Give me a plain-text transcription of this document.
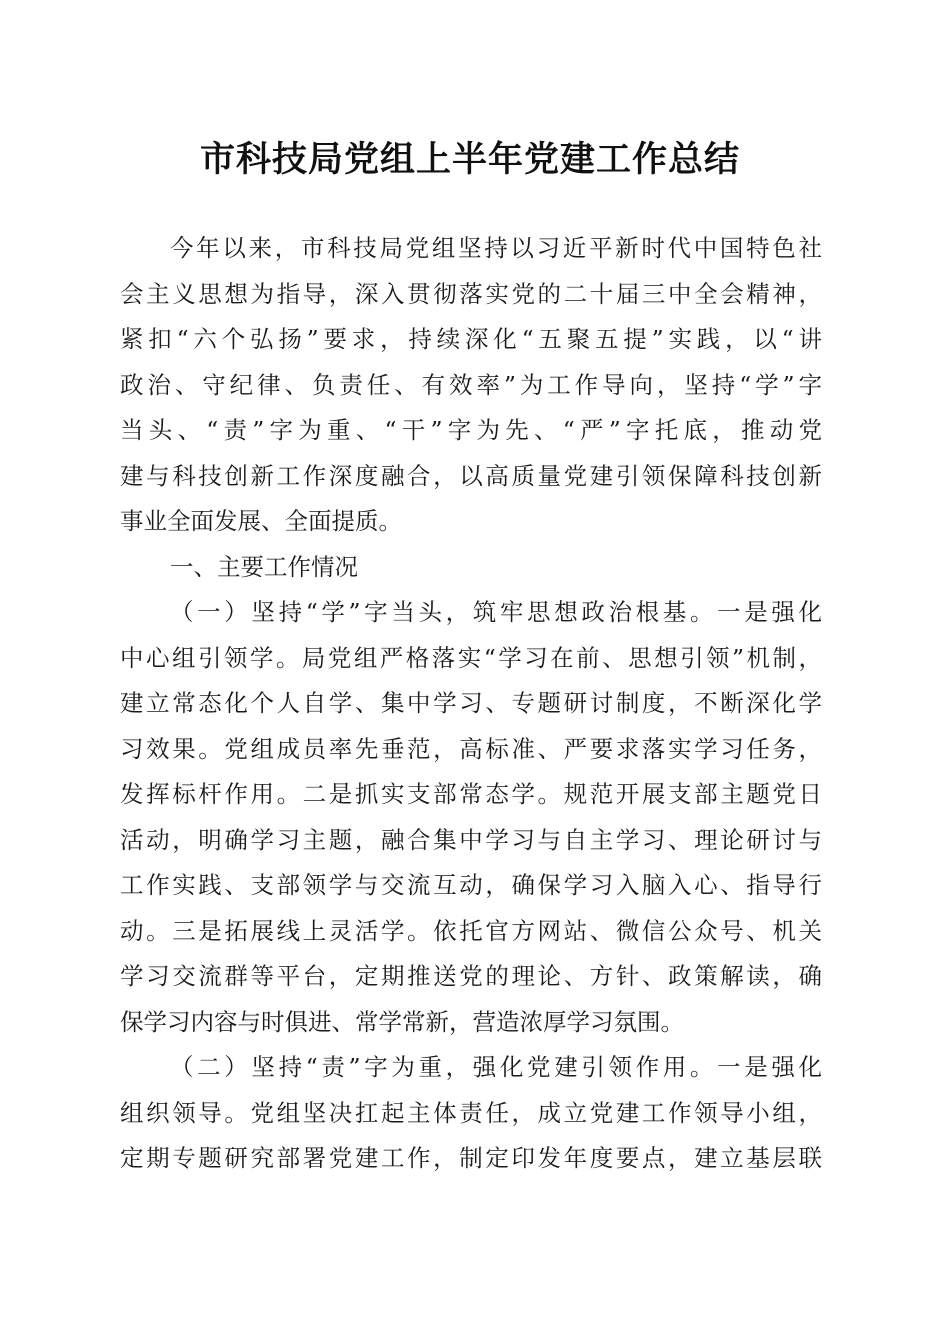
市科技局党组上半年党建工作总结
今年以来，市科技局党组坚持以习近平新时代中国特色社
会主义思想为指导，深入贯彻落实党的二十届三中全会精神，
紧扣“六个弘扬”要求，持续深化“五聚五提”实践，以“讲
政治、守纪律、负责任、有效率”为工作导向，坚持“学”字
当头、“责”字为重、“干”字为先、“严”字托底，推动党
建与科技创新工作深度融合，以高质量党建引领保障科技创新
事业全面发展、全面提质。
一、主要工作情况
（一）坚持“学”字当头，筑牢思想政治根基。一是强化
中心组引领学。局党组严格落实“学习在前、思想引领”机制，
建立常态化个人自学、集中学习、专题研讨制度，不断深化学
习效果。党组成员率先垂范，高标准、严要求落实学习任务，
发挥标杆作用。二是抓实支部常态学。规范开展支部主题党日
活动，明确学习主题，融合集中学习与自主学习、理论研讨与
工作实践、支部领学与交流互动，确保学习入脑入心、指导行
动。三是拓展线上灵活学。依托官方网站、微信公众号、机关
学习交流群等平台，定期推送党的理论、方针、政策解读，确
保学习内容与时俱进、常学常新，营造浓厚学习氛围。
（二）坚持“责”字为重，强化党建引领作用。一是强化
组织领导。党组坚决扛起主体责任，成立党建工作领导小组，
定期专题研究部署党建工作，制定印发年度要点，建立基层联
